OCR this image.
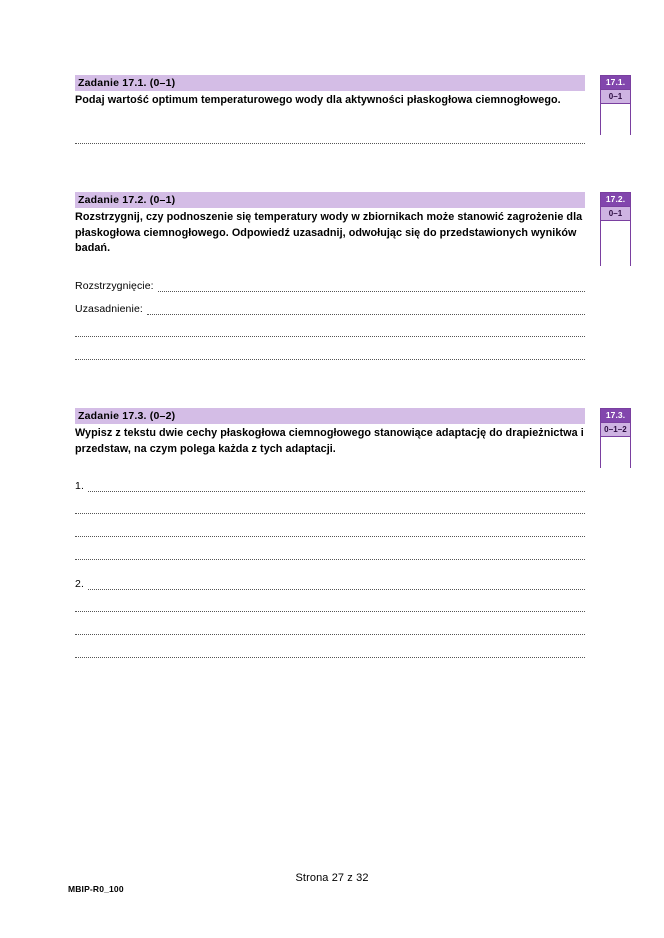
Zadanie 17.1. (0–1)
Podaj wartość optimum temperaturowego wody dla aktywności płaskogłowa ciemnogłowego.
17.1.
0–1
Zadanie 17.2. (0–1)
Rozstrzygnij, czy podnoszenie się temperatury wody w zbiornikach może stanowić zagrożenie dla płaskogłowa ciemnogłowego. Odpowiedź uzasadnij, odwołując się do przedstawionych wyników badań.
Rozstrzygnięcie:
Uzasadnienie:
17.2.
0–1
Zadanie 17.3. (0–2)
Wypisz z tekstu dwie cechy płaskogłowa ciemnogłowego stanowiące adaptację do drapieżnictwa i przedstaw, na czym polega każda z tych adaptacji.
1.
2.
17.3.
0–1–2
MBIP-R0_100
Strona 27 z 32
